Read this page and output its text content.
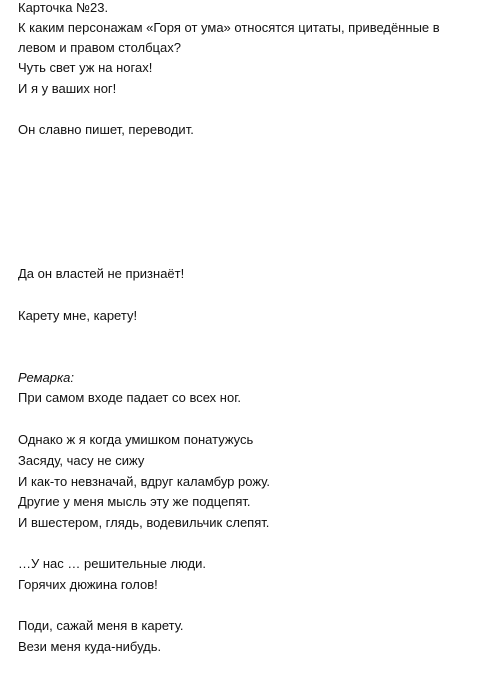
Карточка №23.
К каким персонажам «Горя от ума» относятся цитаты, приведённые в левом и правом столбцах?
Чуть свет уж на ногах!
И я у ваших ног!
Он славно пишет, переводит.
Да он властей не признаёт!
Карету мне, карету!
Ремарка:
При самом входе падает со всех ног.
Однако ж я когда умишком понатужусь
Засяду, часу не сижу
И как-то невзначай, вдруг каламбур рожу.
Другие у меня мысль эту же подцепят.
И вшестером, глядь, водевильчик слепят.
…У нас … решительные люди.
Горячих дюжина голов!
Поди, сажай меня в карету.
Вези меня куда-нибудь.
